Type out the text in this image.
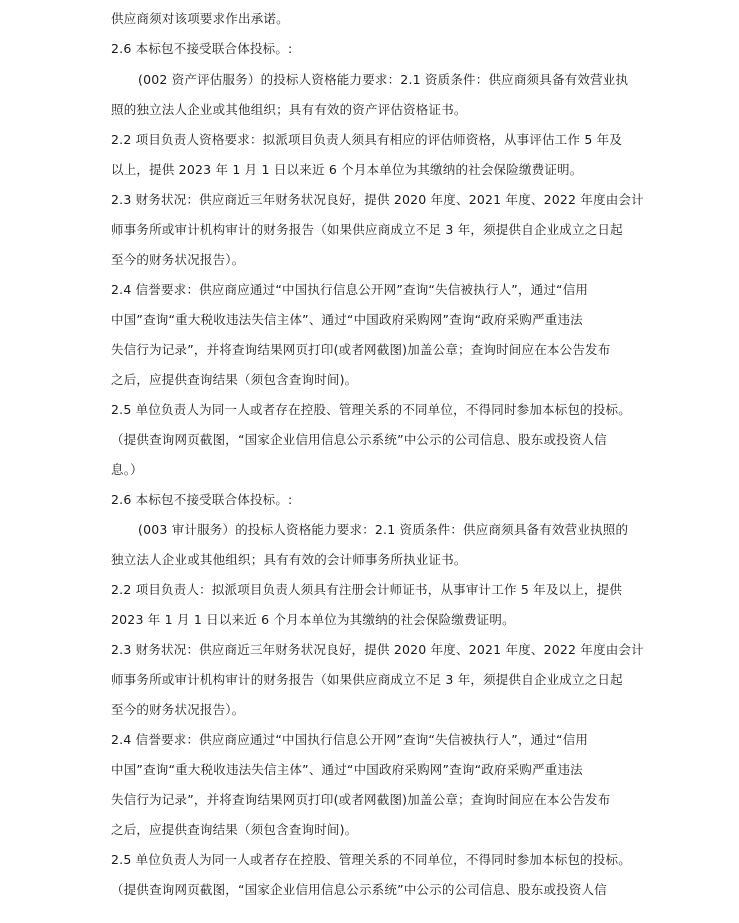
供应商须对该项要求作出承诺。
2.6 本标包不接受联合体投标。:
(002 资产评估服务）的投标人资格能力要求：2.1 资质条件：供应商须具备有效营业执
照的独立法人企业或其他组织；具有有效的资产评估资格证书。
2.2 项目负责人资格要求：拟派项目负责人须具有相应的评估师资格，从事评估工作 5 年及
以上，提供 2023 年 1 月 1 日以来近 6 个月本单位为其缴纳的社会保险缴费证明。
2.3 财务状况：供应商近三年财务状况良好，提供 2020 年度、2021 年度、2022 年度由会计
师事务所或审计机构审计的财务报告（如果供应商成立不足 3 年，须提供自企业成立之日起
至今的财务状况报告）。
2.4 信誉要求：供应商应通过“中国执行信息公开网”查询“失信被执行人”，通过“信用
中国”查询“重大税收违法失信主体”、通过“中国政府采购网”查询“政府采购严重违法
失信行为记录”，并将查询结果网页打印(或者网截图)加盖公章；查询时间应在本公告发布
之后，应提供查询结果（须包含查询时间)。
2.5 单位负责人为同一人或者存在控股、管理关系的不同单位，不得同时参加本标包的投标。
（提供查询网页截图，“国家企业信用信息公示系统”中公示的公司信息、股东或投资人信
息。）
2.6 本标包不接受联合体投标。:
(003 审计服务）的投标人资格能力要求：2.1 资质条件：供应商须具备有效营业执照的
独立法人企业或其他组织；具有有效的会计师事务所执业证书。
2.2 项目负责人：拟派项目负责人须具有注册会计师证书，从事审计工作 5 年及以上，提供
2023 年 1 月 1 日以来近 6 个月本单位为其缴纳的社会保险缴费证明。
2.3 财务状况：供应商近三年财务状况良好，提供 2020 年度、2021 年度、2022 年度由会计
师事务所或审计机构审计的财务报告（如果供应商成立不足 3 年，须提供自企业成立之日起
至今的财务状况报告）。
2.4 信誉要求：供应商应通过“中国执行信息公开网”查询“失信被执行人”，通过“信用
中国”查询“重大税收违法失信主体”、通过“中国政府采购网”查询“政府采购严重违法
失信行为记录”，并将查询结果网页打印(或者网截图)加盖公章；查询时间应在本公告发布
之后，应提供查询结果（须包含查询时间)。
2.5 单位负责人为同一人或者存在控股、管理关系的不同单位，不得同时参加本标包的投标。
（提供查询网页截图，“国家企业信用信息公示系统”中公示的公司信息、股东或投资人信
